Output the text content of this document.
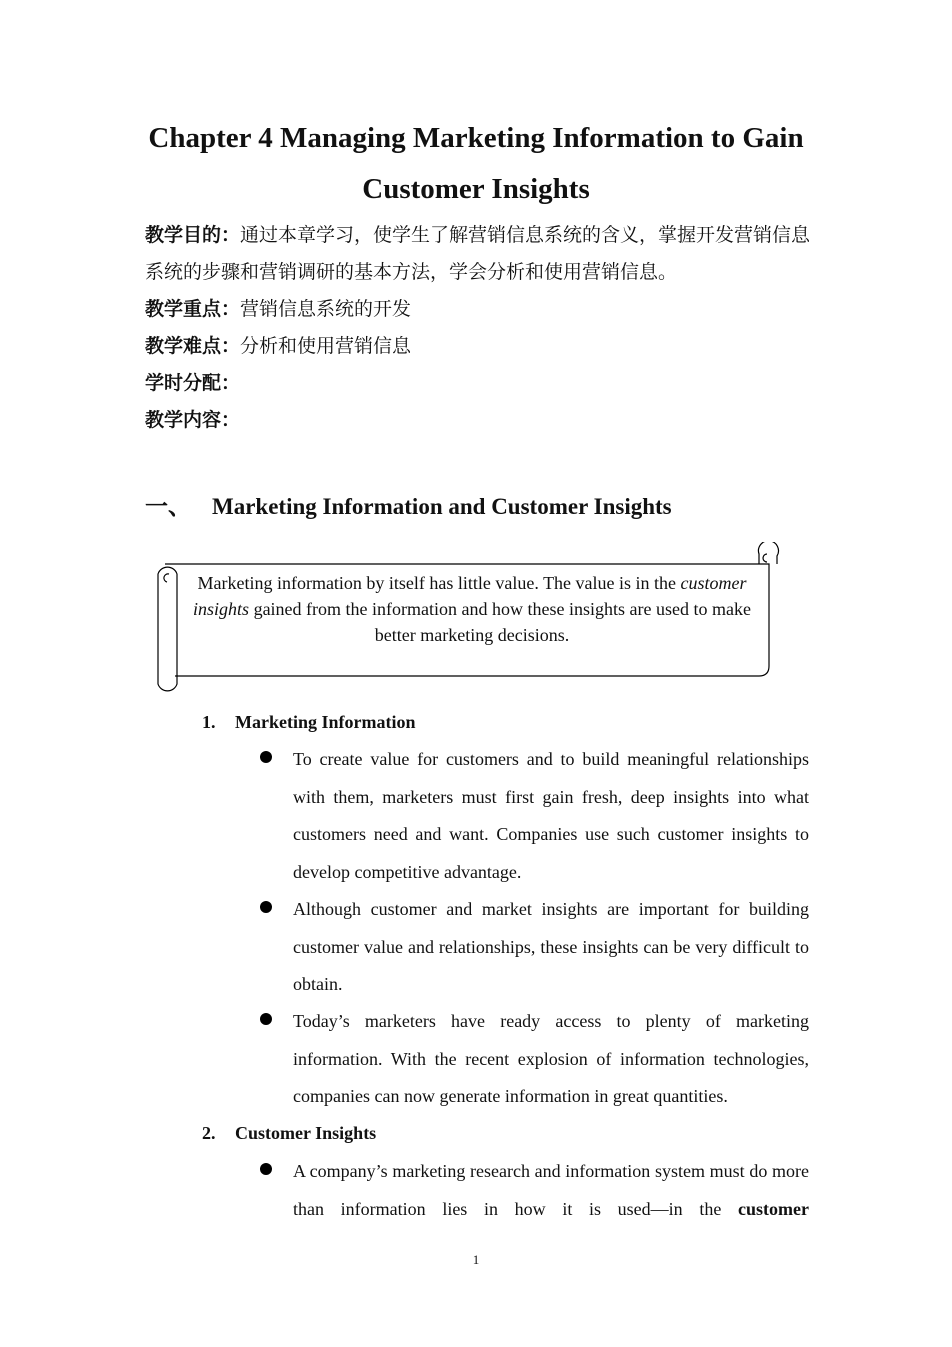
Chapter 4 Managing Marketing Information to Gain
Customer Insights
教学目的：通过本章学习，使学生了解营销信息系统的含义，掌握开发营销信息系统的步骤和营销调研的基本方法，学会分析和使用营销信息。
教学重点：营销信息系统的开发
教学难点：分析和使用营销信息
学时分配：
教学内容：
一、 Marketing Information and Customer Insights
Marketing information by itself has little value. The value is in the customer insights gained from the information and how these insights are used to make better marketing decisions.
1. Marketing Information
To create value for customers and to build meaningful relationships with them, marketers must first gain fresh, deep insights into what customers need and want. Companies use such customer insights to develop competitive advantage.
Although customer and market insights are important for building customer value and relationships, these insights can be very difficult to obtain.
Today’s marketers have ready access to plenty of marketing information. With the recent explosion of information technologies, companies can now generate information in great quantities.
2. Customer Insights
A company’s marketing research and information system must do more than information lies in how it is used—in the customer
1
